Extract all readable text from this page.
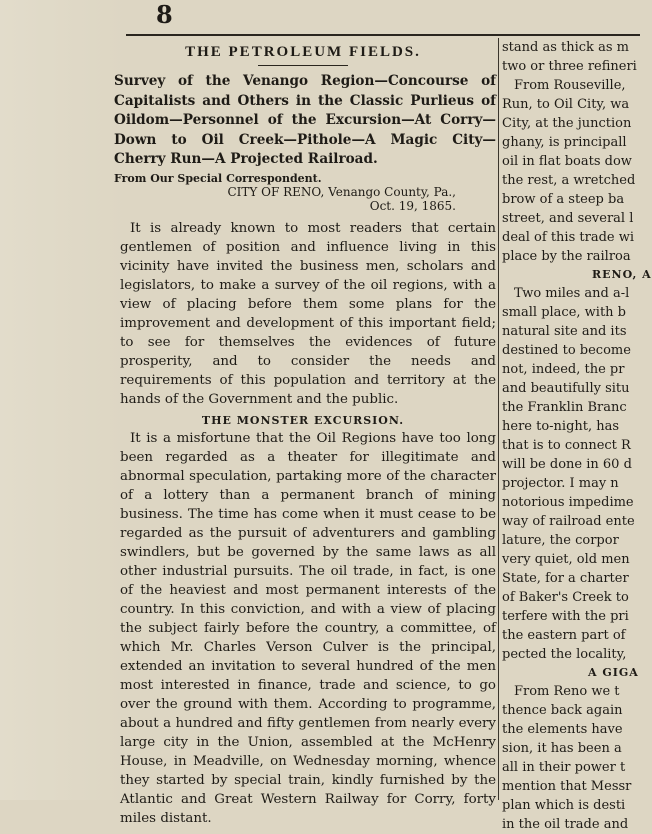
8
THE PETROLEUM FIELDS.
Survey of the Venango Region—Concourse of Capitalists and Others in the Classic Purlieus of Oildom—Personnel of the Excursion—At Corry—Down to Oil Creek—Pithole—A Magic City—Cherry Run—A Projected Railroad.
From Our Special Correspondent.
CITY OF RENO, Venango County, Pa.,
Oct. 19, 1865.

It is already known to most readers that certain gentlemen of position and influence living in this vicinity have invited the business men, scholars and legislators, to make a survey of the oil regions, with a view of placing before them some plans for the improvement and development of this important field; to see for themselves the evidences of future prosperity, and to consider the needs and requirements of this population and territory at the hands of the Government and the public.

THE MONSTER EXCURSION.

It is a misfortune that the Oil Regions have too long been regarded as a theater for illegitimate and abnormal speculation, partaking more of the character of a lottery than a permanent branch of mining business. The time has come when it must cease to be regarded as the pursuit of adventurers and gambling swindlers, but be governed by the same laws as all other industrial pursuits. The oil trade, in fact, is one of the heaviest and most permanent interests of the country. In this conviction, and with a view of placing the subject fairly before the country, a committee, of which Mr. Charles Verson Culver is the principal, extended an invitation to several hundred of the men most interested in finance, trade and science, to go over the ground with them. According to programme, about a hundred and fifty gentlemen from nearly every large city in the Union, assembled at the McHenry House, in Meadville, on Wednesday morning, whence they started by special train, kindly furnished by the Atlantic and Great Western Railway for Corry, forty miles distant.

stand as thick as m
two or three refineri
From Rouseville,
Run, to Oil City, wa
City, at the junction
ghany, is principall
oil in flat boats dow
the rest, a wretched
brow of a steep ba
street, and several l
deal of this trade wi
place by the railroa
RENO, A
Two miles and a-l
small place, with b
natural site and its
destined to become
not, indeed, the pr
and beautifully situ
the Franklin Branc
here to-night, has
that is to connect R
will be done in 60 d
projector. I may n
notorious impedime
way of railroad ente
lature, the corpor
very quiet, old men
State, for a charter
of Baker's Creek to
terfere with the pri
the eastern part of
pected the locality,
A GIGA
From Reno we t
thence back again
the elements have
sion, it has been a
all in their power t
mention that Messr
plan which is desti
in the oil trade and
